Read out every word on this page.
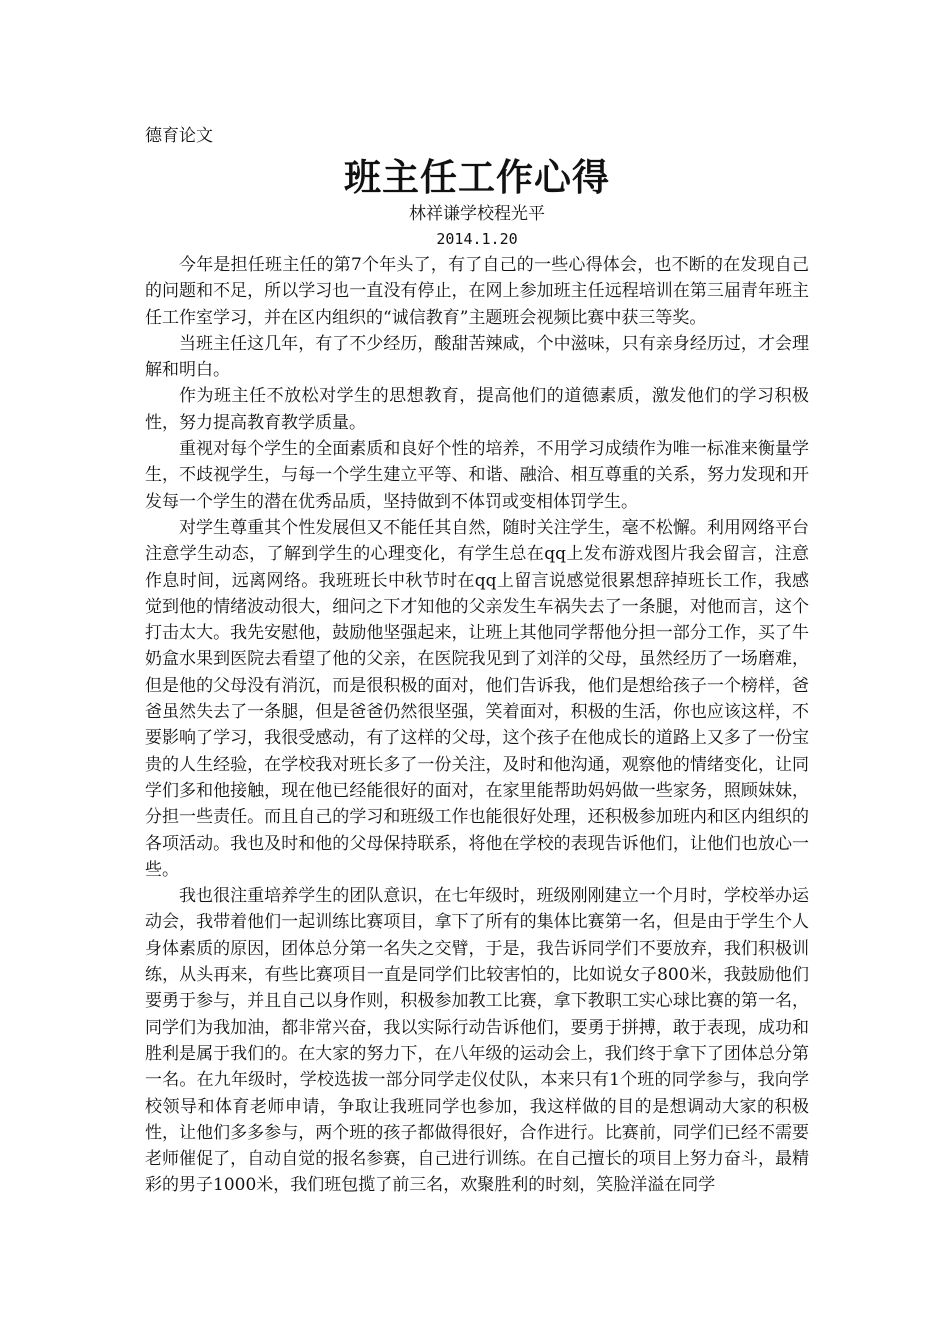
德育论文

班主任工作心得

林祥谦学校程光平

2014.1.20

今年是担任班主任的第7个年头了，有了自己的一些心得体会，也不断的在发现自己的问题和不足，所以学习也一直没有停止，在网上参加班主任远程培训在第三届青年班主任工作室学习，并在区内组织的“诚信教育”主题班会视频比赛中获三等奖。

当班主任这几年，有了不少经历，酸甜苦辣咸，个中滋味，只有亲身经历过，才会理解和明白。

作为班主任不放松对学生的思想教育，提高他们的道德素质，激发他们的学习积极性，努力提高教育教学质量。

重视对每个学生的全面素质和良好个性的培养，不用学习成绩作为唯一标准来衡量学生，不歧视学生，与每一个学生建立平等、和谐、融洽、相互尊重的关系，努力发现和开发每一个学生的潜在优秀品质，坚持做到不体罚或变相体罚学生。

对学生尊重其个性发展但又不能任其自然，随时关注学生，毫不松懈。利用网络平台注意学生动态，了解到学生的心理变化，有学生总在qq上发布游戏图片我会留言，注意作息时间，远离网络。我班班长中秋节时在qq上留言说感觉很累想辞掉班长工作，我感觉到他的情绪波动很大，细问之下才知他的父亲发生车祸失去了一条腿，对他而言，这个打击太大。我先安慰他，鼓励他坚强起来，让班上其他同学帮他分担一部分工作，买了牛奶盒水果到医院去看望了他的父亲，在医院我见到了刘洋的父母，虽然经历了一场磨难，但是他的父母没有消沉，而是很积极的面对，他们告诉我，他们是想给孩子一个榜样，爸爸虽然失去了一条腿，但是爸爸仍然很坚强，笑着面对，积极的生活，你也应该这样，不要影响了学习，我很受感动，有了这样的父母，这个孩子在他成长的道路上又多了一份宝贵的人生经验，在学校我对班长多了一份关注，及时和他沟通，观察他的情绪变化，让同学们多和他接触，现在他已经能很好的面对，在家里能帮助妈妈做一些家务，照顾妹妹，分担一些责任。而且自己的学习和班级工作也能很好处理，还积极参加班内和区内组织的各项活动。我也及时和他的父母保持联系，将他在学校的表现告诉他们，让他们也放心一些。

我也很注重培养学生的团队意识，在七年级时，班级刚刚建立一个月时，学校举办运动会，我带着他们一起训练比赛项目，拿下了所有的集体比赛第一名，但是由于学生个人身体素质的原因，团体总分第一名失之交臂，于是，我告诉同学们不要放弃，我们积极训练，从头再来，有些比赛项目一直是同学们比较害怕的，比如说女子800米，我鼓励他们要勇于参与，并且自己以身作则，积极参加教工比赛，拿下教职工实心球比赛的第一名，同学们为我加油，都非常兴奋，我以实际行动告诉他们，要勇于拼搏，敢于表现，成功和胜利是属于我们的。在大家的努力下，在八年级的运动会上，我们终于拿下了团体总分第一名。在九年级时，学校选拔一部分同学走仪仗队，本来只有1个班的同学参与，我向学校领导和体育老师申请，争取让我班同学也参加，我这样做的目的是想调动大家的积极性，让他们多多参与，两个班的孩子都做得很好，合作进行。比赛前，同学们已经不需要老师催促了，自动自觉的报名参赛，自己进行训练。在自己擅长的项目上努力奋斗，最精彩的男子1000米，我们班包揽了前三名，欢聚胜利的时刻，笑脸洋溢在同学
